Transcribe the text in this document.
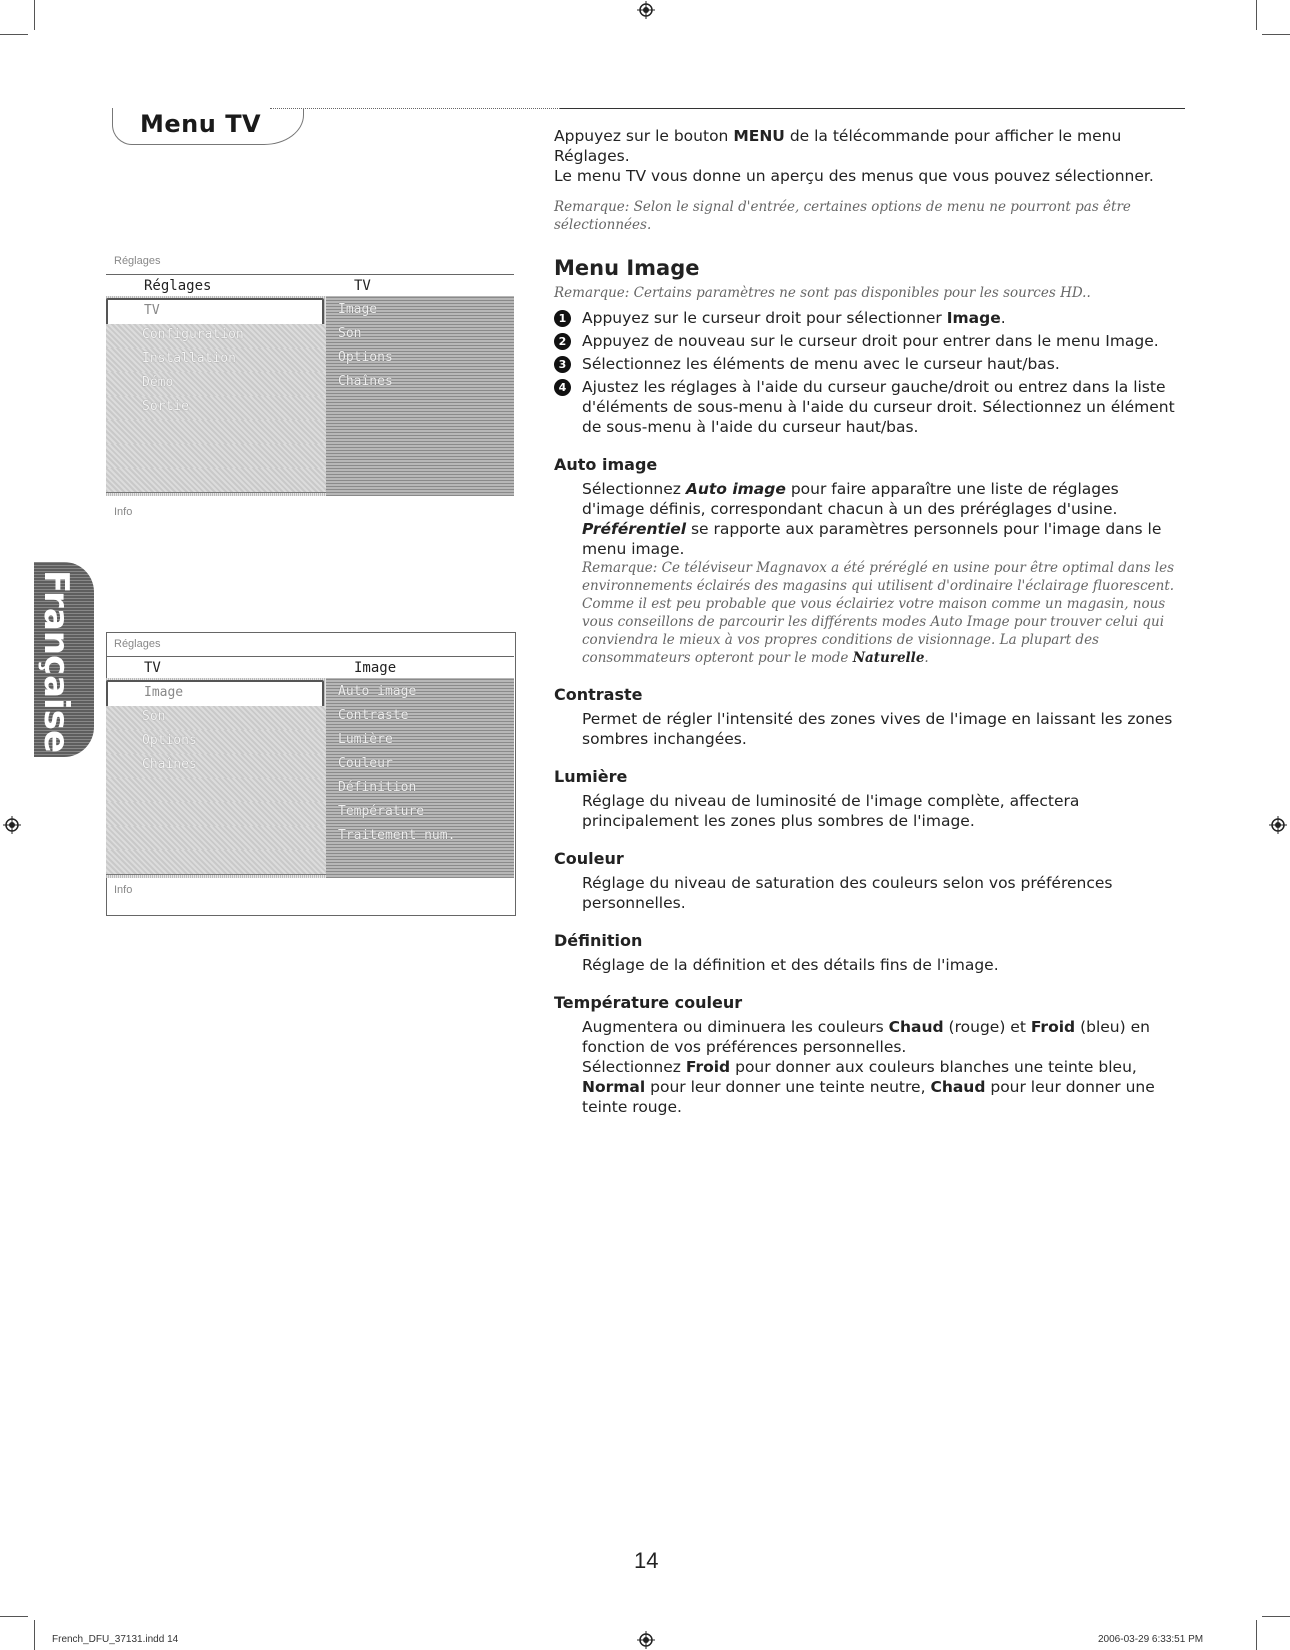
Menu TV
Française
Réglages
Réglages	TV
TV
Configuration
Installation
Démo
Sortie
Image
Son
Options
Chaînes
Info
Réglages
TV	Image
Image
Son
Options
Chaînes
Auto image
Contraste
Lumière
Couleur
Définition
Température
Traitement num.
Info

Appuyez sur le bouton MENU de la télécommande pour afficher le menu Réglages.

Le menu TV vous donne un aperçu des menus que vous pouvez sélectionner.

Remarque: Selon le signal d'entrée, certaines options de menu ne pourront pas être sélectionnées.

Menu Image

Remarque: Certains paramètres ne sont pas disponibles pour les sources HD..

1	Appuyez sur le curseur droit pour sélectionner Image.

2	Appuyez de nouveau sur le curseur droit pour entrer dans le menu Image.

3	Sélectionnez les éléments de menu avec le curseur haut/bas.

4	Ajustez les réglages à l'aide du curseur gauche/droit ou entrez dans la liste d'éléments de sous-menu à l'aide du curseur droit. Sélectionnez un élément de sous-menu à l'aide du curseur haut/bas.

Auto image

Sélectionnez Auto image pour faire apparaître une liste de réglages d'image définis, correspondant chacun à un des préréglages d'usine.

Préférentiel se rapporte aux paramètres personnels pour l'image dans le menu image.

Remarque: Ce téléviseur Magnavox a été préréglé en usine pour être optimal dans les environnements éclairés des magasins qui utilisent d'ordinaire l'éclairage fluorescent. Comme il est peu probable que vous éclairiez votre maison comme un magasin, nous vous conseillons de parcourir les différents modes Auto Image pour trouver celui qui conviendra le mieux à vos propres conditions de visionnage. La plupart des consommateurs opteront pour le mode Naturelle.

Contraste

Permet de régler l'intensité des zones vives de l'image en laissant les zones sombres inchangées.

Lumière

Réglage du niveau de luminosité de l'image complète, affectera principalement les zones plus sombres de l'image.

Couleur

Réglage du niveau de saturation des couleurs selon vos préférences personnelles.

Définition

Réglage de la définition et des détails fins de l'image.

Température couleur

Augmentera ou diminuera les couleurs Chaud (rouge) et Froid (bleu) en fonction de vos préférences personnelles.

Sélectionnez Froid pour donner aux couleurs blanches une teinte bleu, Normal pour leur donner une teinte neutre, Chaud pour leur donner une teinte rouge.

14
French_DFU_37131.indd 14	2006-03-29 6:33:51 PM
